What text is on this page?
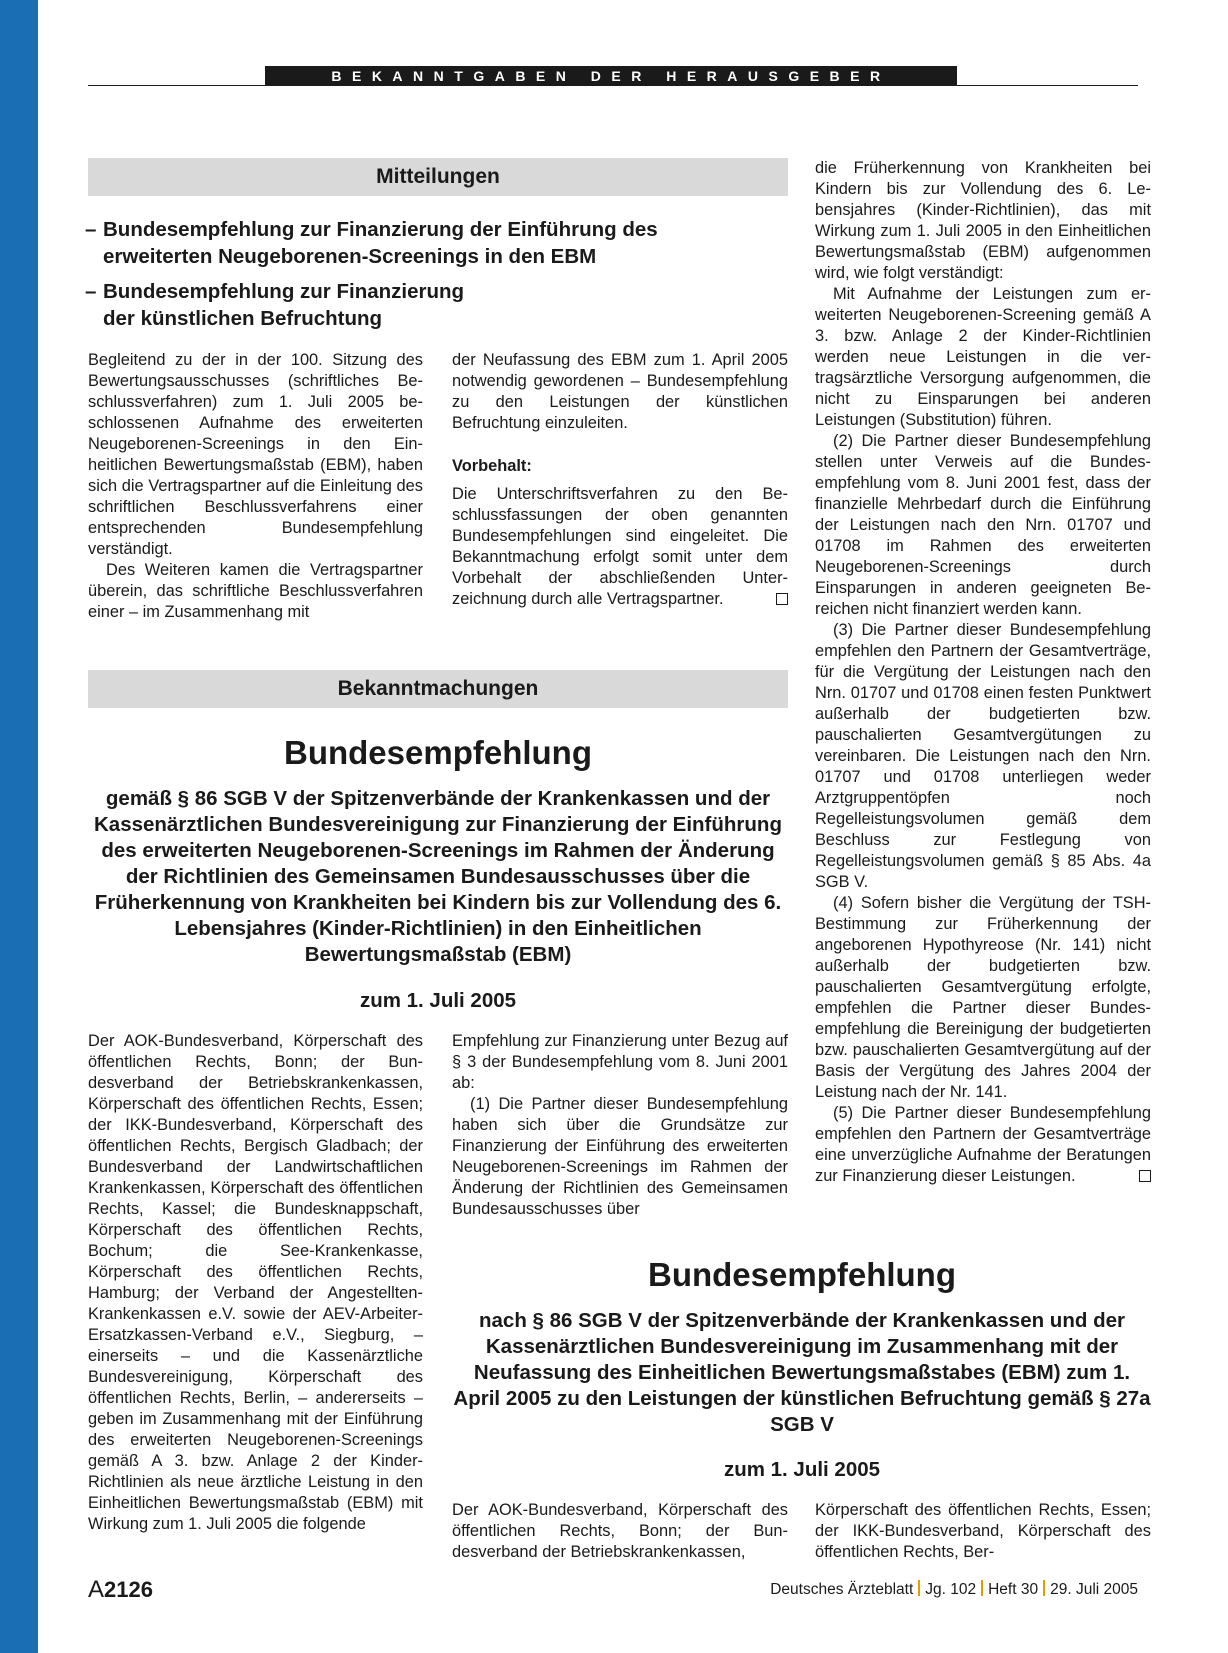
BEKANNTGABEN DER HERAUSGEBER
Mitteilungen
– Bundesempfehlung zur Finanzierung der Einführung des erweiterten Neugeborenen-Screenings in den EBM
– Bundesempfehlung zur Finanzierung der künstlichen Befruchtung

Begleitend zu der in der 100. Sitzung des Bewertungsausschusses (schriftliches Beschlussverfahren) zum 1. Juli 2005 beschlossenen Aufnahme des erweiterten Neugeborenen-Screenings in den Einheitlichen Bewertungsmaßstab (EBM), haben sich die Vertragspartner auf die Einleitung des schriftlichen Beschlussverfahrens einer entsprechenden Bundesempfehlung verständigt.

Des Weiteren kamen die Vertragspartner überein, das schriftliche Beschlussverfahren einer – im Zusammenhang mit

der Neufassung des EBM zum 1. April 2005 notwendig gewordenen – Bundesempfehlung zu den Leistungen der künstlichen Befruchtung einzuleiten.

Vorbehalt:

Die Unterschriftsverfahren zu den Beschlussfassungen der oben genannten Bundesempfehlungen sind eingeleitet. Die Bekanntmachung erfolgt somit unter dem Vorbehalt der abschließenden Unterzeichnung durch alle Vertragspartner.

Bekanntmachungen
Bundesempfehlung
gemäß § 86 SGB V der Spitzenverbände der Krankenkassen und der Kassenärztlichen Bundesvereinigung zur Finanzierung der Einführung des erweiterten Neugeborenen-Screenings im Rahmen der Änderung der Richtlinien des Gemeinsamen Bundesausschusses über die Früherkennung von Krankheiten bei Kindern bis zur Vollendung des 6. Lebensjahres (Kinder-Richtlinien) in den Einheitlichen Bewertungsmaßstab (EBM)
zum 1. Juli 2005

Der AOK-Bundesverband, Körperschaft des öffentlichen Rechts, Bonn; der Bundesverband der Betriebskrankenkassen, Körperschaft des öffentlichen Rechts, Essen; der IKK-Bundesverband, Körperschaft des öffentlichen Rechts, Bergisch Gladbach; der Bundesverband der Landwirtschaftlichen Krankenkassen, Körperschaft des öffentlichen Rechts, Kassel; die Bundesknappschaft, Körperschaft des öffentlichen Rechts, Bochum; die See-Krankenkasse, Körperschaft des öffentlichen Rechts, Hamburg; der Verband der Angestellten-Krankenkassen e.V. sowie der AEV-Arbeiter-Ersatzkassen-Verband e.V., Siegburg, – einerseits – und die Kassenärztliche Bundesvereinigung, Körperschaft des öffentlichen Rechts, Berlin, – andererseits – geben im Zusammenhang mit der Einführung des erweiterten Neugeborenen-Screenings gemäß A 3. bzw. Anlage 2 der Kinder-Richtlinien als neue ärztliche Leistung in den Einheitlichen Bewertungsmaßstab (EBM) mit Wirkung zum 1. Juli 2005 die folgende

Empfehlung zur Finanzierung unter Bezug auf § 3 der Bundesempfehlung vom 8. Juni 2001 ab:

(1) Die Partner dieser Bundesempfehlung haben sich über die Grundsätze zur Finanzierung der Einführung des erweiterten Neugeborenen-Screenings im Rahmen der Änderung der Richtlinien des Gemeinsamen Bundesausschusses über

die Früherkennung von Krankheiten bei Kindern bis zur Vollendung des 6. Lebensjahres (Kinder-Richtlinien), das mit Wirkung zum 1. Juli 2005 in den Einheitlichen Bewertungsmaßstab (EBM) aufgenommen wird, wie folgt verständigt:

Mit Aufnahme der Leistungen zum erweiterten Neugeborenen-Screening gemäß A 3. bzw. Anlage 2 der Kinder-Richtlinien werden neue Leistungen in die vertragsärztliche Versorgung aufgenommen, die nicht zu Einsparungen bei anderen Leistungen (Substitution) führen.

(2) Die Partner dieser Bundesempfehlung stellen unter Verweis auf die Bundesempfehlung vom 8. Juni 2001 fest, dass der finanzielle Mehrbedarf durch die Einführung der Leistungen nach den Nrn. 01707 und 01708 im Rahmen des erweiterten Neugeborenen-Screenings durch Einsparungen in anderen geeigneten Bereichen nicht finanziert werden kann.

(3) Die Partner dieser Bundesempfehlung empfehlen den Partnern der Gesamtverträge, für die Vergütung der Leistungen nach den Nrn. 01707 und 01708 einen festen Punktwert außerhalb der budgetierten bzw. pauschalierten Gesamtvergütungen zu vereinbaren. Die Leistungen nach den Nrn. 01707 und 01708 unterliegen weder Arztgruppentöpfen noch Regelleistungsvolumen gemäß dem Beschluss zur Festlegung von Regelleistungsvolumen gemäß § 85 Abs. 4a SGB V.

(4) Sofern bisher die Vergütung der TSH-Bestimmung zur Früherkennung der angeborenen Hypothyreose (Nr. 141) nicht außerhalb der budgetierten bzw. pauschalierten Gesamtvergütung erfolgte, empfehlen die Partner dieser Bundesempfehlung die Bereinigung der budgetierten bzw. pauschalierten Gesamtvergütung auf der Basis der Vergütung des Jahres 2004 der Leistung nach der Nr. 141.

(5) Die Partner dieser Bundesempfehlung empfehlen den Partnern der Gesamtverträge eine unverzügliche Aufnahme der Beratungen zur Finanzierung dieser Leistungen.

Bundesempfehlung
nach § 86 SGB V der Spitzenverbände der Krankenkassen und der Kassenärztlichen Bundesvereinigung im Zusammenhang mit der Neufassung des Einheitlichen Bewertungsmaßstabes (EBM) zum 1. April 2005 zu den Leistungen der künstlichen Befruchtung gemäß § 27a SGB V
zum 1. Juli 2005

Der AOK-Bundesverband, Körperschaft des öffentlichen Rechts, Bonn; der Bundesverband der Betriebskrankenkassen,

Körperschaft des öffentlichen Rechts, Essen; der IKK-Bundesverband, Körperschaft des öffentlichen Rechts, Ber-

A2126	Deutsches Ärzteblatt Jg. 102 Heft 30 29. Juli 2005
